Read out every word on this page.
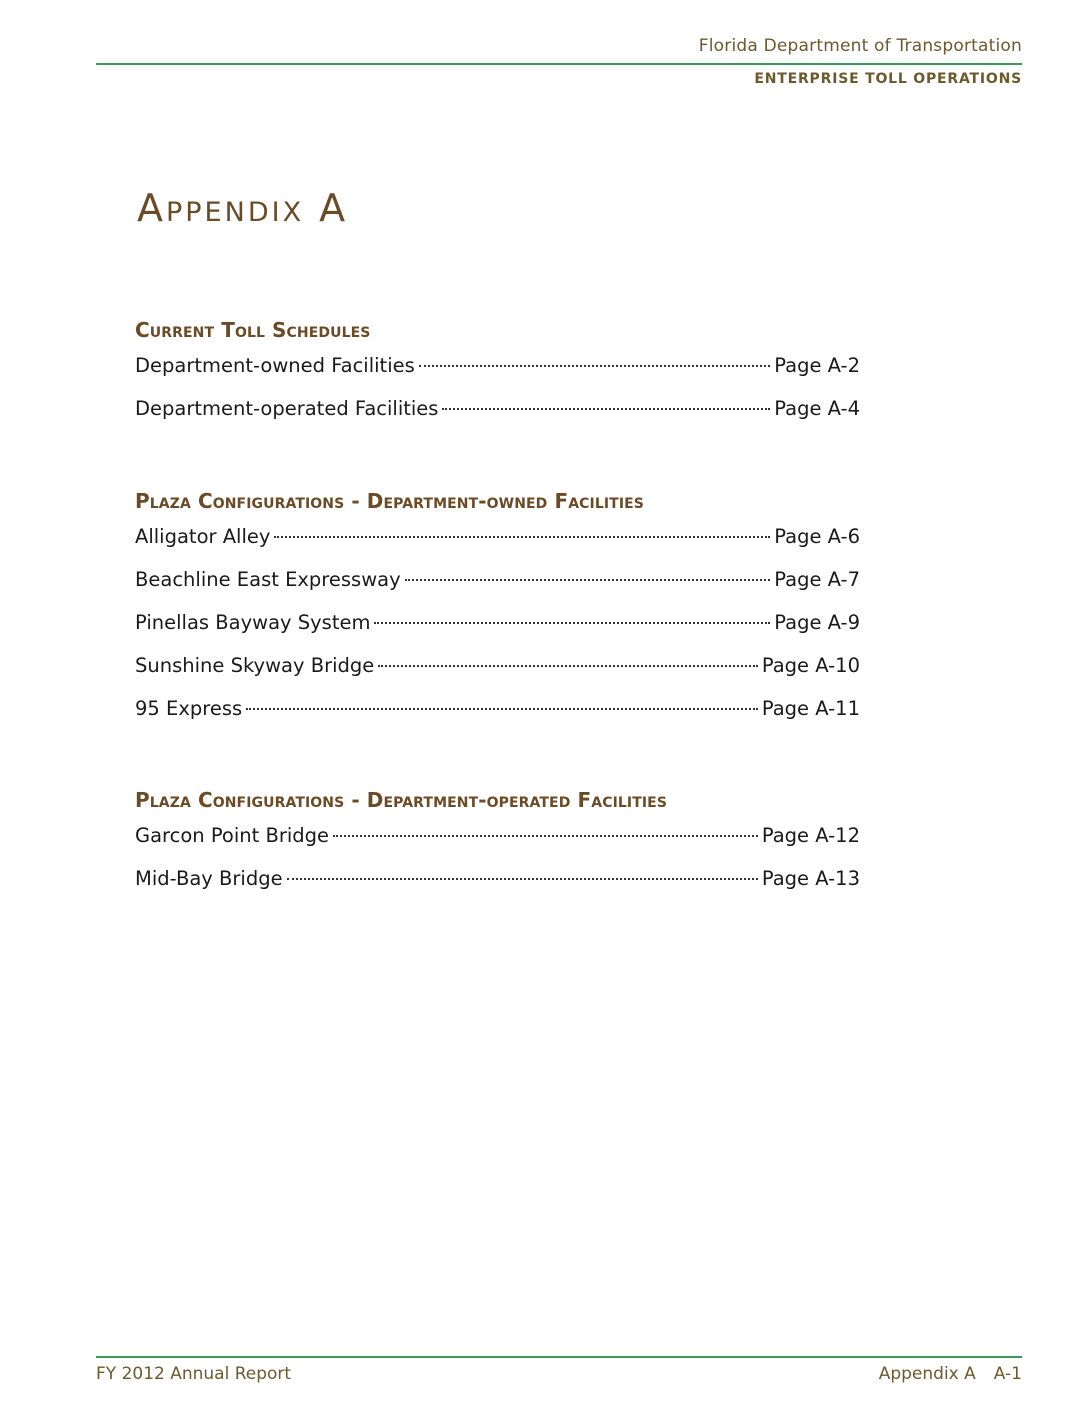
Florida Department of Transportation
ENTERPRISE TOLL OPERATIONS
Appendix A
Current Toll Schedules
Department-owned Facilities	Page A-2
Department-operated Facilities	Page A-4
Plaza Configurations - Department-owned Facilities
Alligator Alley	Page A-6
Beachline East Expressway	Page A-7
Pinellas Bayway System	Page A-9
Sunshine Skyway Bridge	Page A-10
95 Express	Page A-11
Plaza Configurations - Department-operated Facilities
Garcon Point Bridge	Page A-12
Mid-Bay Bridge	Page A-13
FY 2012 Annual Report	Appendix A A-1
